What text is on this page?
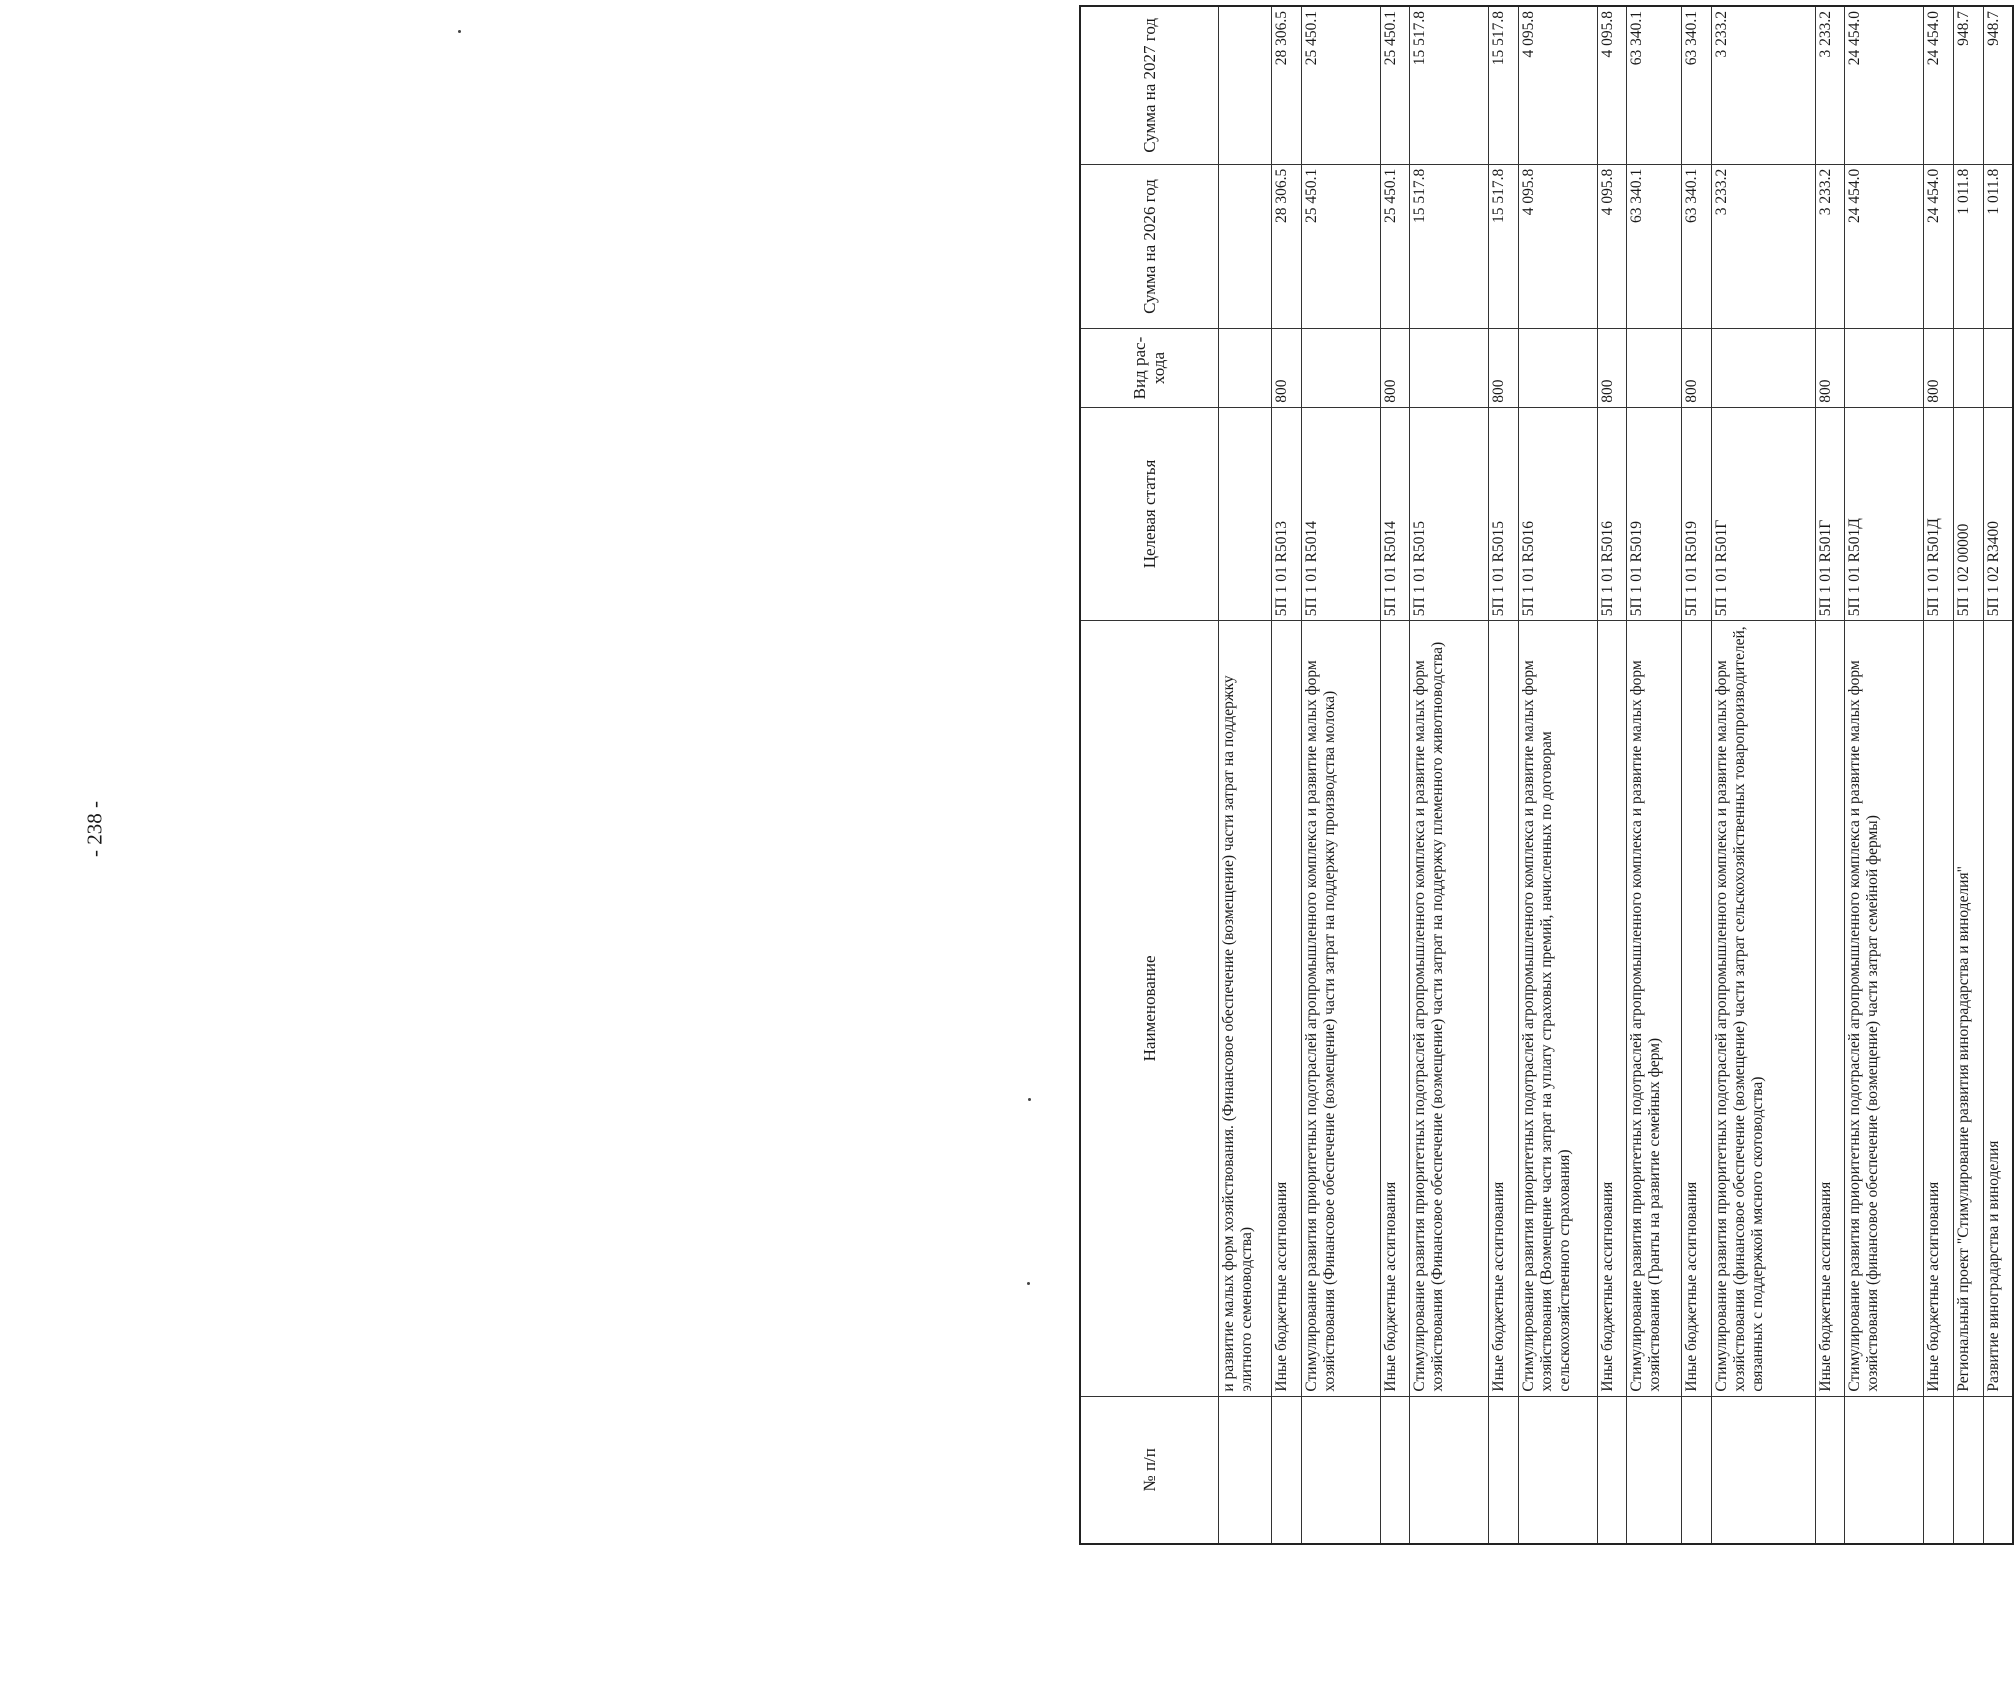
- 238 -
№ п/п	Наименование	Целевая статья	Вид рас-хода	Сумма на 2026 год	Сумма на 2027 год
	и развитие малых форм хозяйствования. (Финансовое обеспечение (возмещение) части затрат на поддержку элитного семеноводства)				
	Иные бюджетные ассигнования	5П 1 01 R5013	800	28 306.5	28 306.5
	Стимулирование развития приоритетных подотраслей агропромышленного комплекса и развитие малых форм хозяйствования (Финансовое обеспечение (возмещение) части затрат на поддержку производства молока)	5П 1 01 R5014		25 450.1	25 450.1
	Иные бюджетные ассигнования	5П 1 01 R5014	800	25 450.1	25 450.1
	Стимулирование развития приоритетных подотраслей агропромышленного комплекса и развитие малых форм хозяйствования (Финансовое обеспечение (возмещение) части затрат на поддержку племенного животноводства)	5П 1 01 R5015		15 517.8	15 517.8
	Иные бюджетные ассигнования	5П 1 01 R5015	800	15 517.8	15 517.8
	Стимулирование развития приоритетных подотраслей агропромышленного комплекса и развитие малых форм хозяйствования (Возмещение части затрат на уплату страховых премий, начисленных по договорам сельскохозяйственного страхования)	5П 1 01 R5016		4 095.8	4 095.8
	Иные бюджетные ассигнования	5П 1 01 R5016	800	4 095.8	4 095.8
	Стимулирование развития приоритетных подотраслей агропромышленного комплекса и развитие малых форм хозяйствования (Гранты на развитие семейных ферм)	5П 1 01 R5019		63 340.1	63 340.1
	Иные бюджетные ассигнования	5П 1 01 R5019	800	63 340.1	63 340.1
	Стимулирование развития приоритетных подотраслей агропромышленного комплекса и развитие малых форм хозяйствования (финансовое обеспечение (возмещение) части затрат сельскохозяйственных товаропроизводителей, связанных с поддержкой мясного скотоводства)	5П 1 01 R501Г		3 233.2	3 233.2
	Иные бюджетные ассигнования	5П 1 01 R501Г	800	3 233.2	3 233.2
	Стимулирование развития приоритетных подотраслей агропромышленного комплекса и развитие малых форм хозяйствования (финансовое обеспечение (возмещение) части затрат семейной фермы)	5П 1 01 R501Д		24 454.0	24 454.0
	Иные бюджетные ассигнования	5П 1 01 R501Д	800	24 454.0	24 454.0
	Региональный проект "Стимулирование развития виноградарства и виноделия"	5П 1 02 00000		1 011.8	948.7
	Развитие виноградарства и виноделия	5П 1 02 R3400		1 011.8	948.7
